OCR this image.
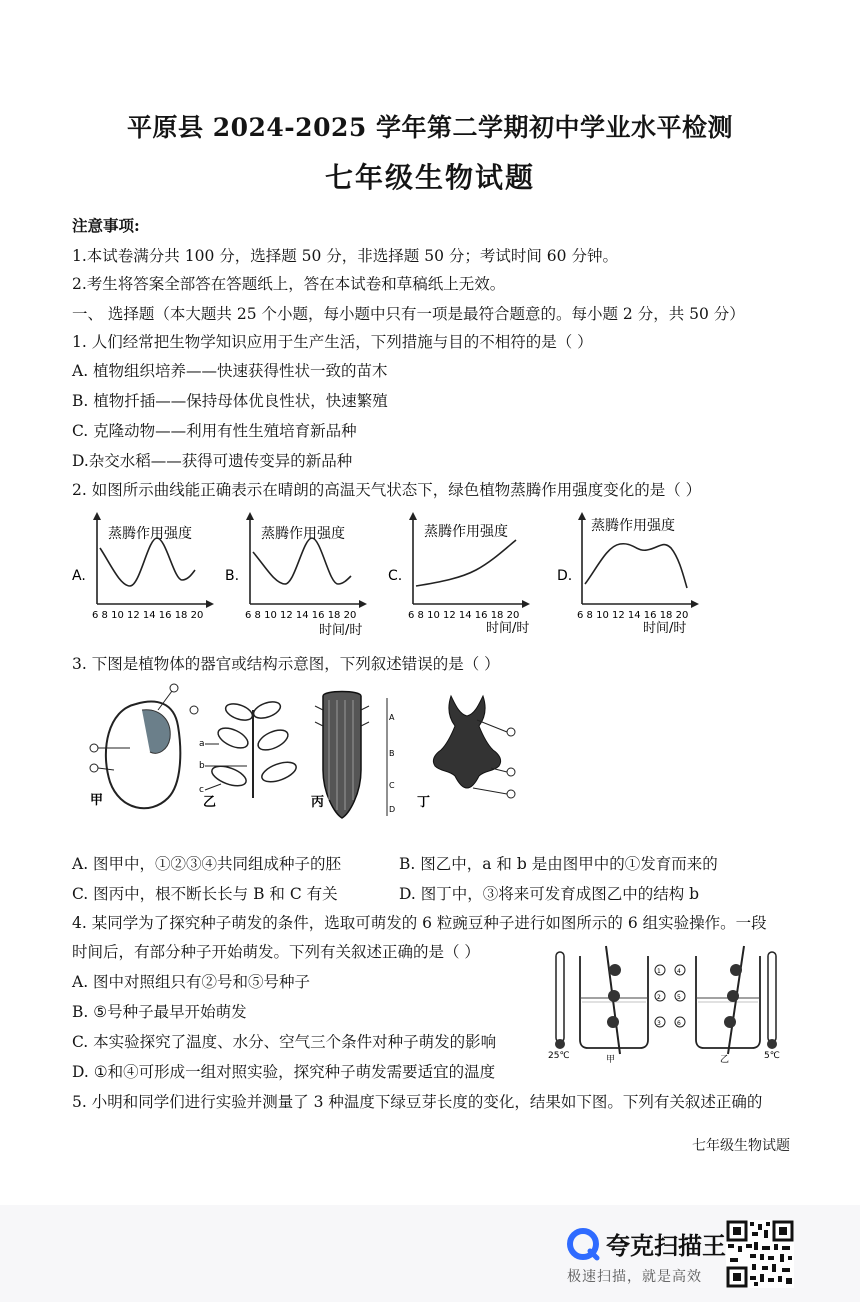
平原县 2024-2025 学年第二学期初中学业水平检测
七年级生物试题
注意事项:
1.本试卷满分共 100 分，选择题 50 分，非选择题 50 分；考试时间 60 分钟。
2.考生将答案全部答在答题纸上，答在本试卷和草稿纸上无效。
一、 选择题（本大题共 25 个小题，每小题中只有一项是最符合题意的。每小题 2 分，共 50 分）
1. 人们经常把生物学知识应用于生产生活，下列措施与目的不相符的是（ ）
A. 植物组织培养——快速获得性状一致的苗木
B. 植物扦插——保持母体优良性状，快速繁殖
C. 克隆动物——利用有性生殖培育新品种
D.杂交水稻——获得可遗传变异的新品种
2. 如图所示曲线能正确表示在晴朗的高温天气状态下，绿色植物蒸腾作用强度变化的是（ ）
A.
蒸腾作用强度
6 8 10 12 14 16 18 20
时间/时
B.
蒸腾作用强度
6 8 10 12 14 16 18 20
时间/时
C.
蒸腾作用强度
6 8 10 12 14 16 18 20
时间/时
D.
蒸腾作用强度
6 8 10 12 14 16 18 20
时间/时
3. 下图是植物体的器官或结构示意图，下列叙述错误的是（ ）
甲
a
b
c
乙
A
B
C
D
丙	丁
A. 图甲中，①②③④共同组成种子的胚	B. 图乙中，a 和 b 是由图甲中的①发育而来的
C. 图丙中，根不断长长与 B 和 C 有关	D. 图丁中，③将来可发育成图乙中的结构 b
4. 某同学为了探究种子萌发的条件，选取可萌发的 6 粒豌豆种子进行如图所示的 6 组实验操作。一段
时间后，有部分种子开始萌发。下列有关叙述正确的是（ ）
A. 图中对照组只有②号和⑤号种子
B. ⑤号种子最早开始萌发
C. 本实验探究了温度、水分、空气三个条件对种子萌发的影响
D. ①和④可形成一组对照实验，探究种子萌发需要适宜的温度
25℃
1
2
3
甲
4
5
6
乙	5℃
5. 小明和同学们进行实验并测量了 3 种温度下绿豆芽长度的变化，结果如下图。下列有关叙述正确的
七年级生物试题
夸克扫描王
极速扫描，就是高效
